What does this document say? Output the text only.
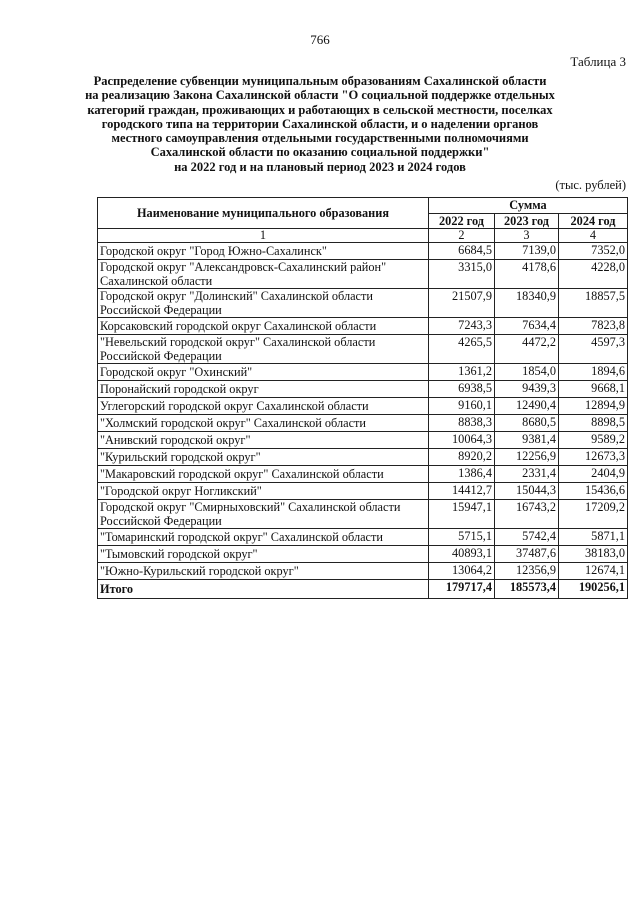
766
Таблица 3
Распределение субвенции муниципальным образованиям Сахалинской области
на реализацию Закона Сахалинской области "О социальной поддержке отдельных
категорий граждан, проживающих и работающих в сельской местности, поселках
городского типа на территории Сахалинской области, и о наделении органов
местного самоуправления отдельными государственными полномочиями
Сахалинской области по оказанию социальной поддержки"
на 2022 год и на плановый период 2023 и 2024 годов
(тыс. рублей)
Наименование муниципального образования	Сумма		
	2022 год	2023 год	2024 год
1	2	3	4
Городской округ "Город Южно-Сахалинск"	6684,5	7139,0	7352,0
Городской округ "Александровск-Сахалинский район" Сахалинской области	3315,0	4178,6	4228,0
Городской округ "Долинский" Сахалинской области Российской Федерации	21507,9	18340,9	18857,5
Корсаковский городской округ Сахалинской области	7243,3	7634,4	7823,8
"Невельский городской округ" Сахалинской области Российской Федерации	4265,5	4472,2	4597,3
Городской округ "Охинский"	1361,2	1854,0	1894,6
Поронайский городской округ	6938,5	9439,3	9668,1
Углегорский городской округ Сахалинской области	9160,1	12490,4	12894,9
"Холмский городской округ" Сахалинской области	8838,3	8680,5	8898,5
"Анивский городской округ"	10064,3	9381,4	9589,2
"Курильский городской округ"	8920,2	12256,9	12673,3
"Макаровский городской округ" Сахалинской области	1386,4	2331,4	2404,9
"Городской округ Ногликский"	14412,7	15044,3	15436,6
Городской округ "Смирныховский" Сахалинской области Российской Федерации	15947,1	16743,2	17209,2
"Томаринский городской округ" Сахалинской области	5715,1	5742,4	5871,1
"Тымовский городской округ"	40893,1	37487,6	38183,0
"Южно-Курильский городской округ"	13064,2	12356,9	12674,1
Итого	179717,4	185573,4	190256,1
